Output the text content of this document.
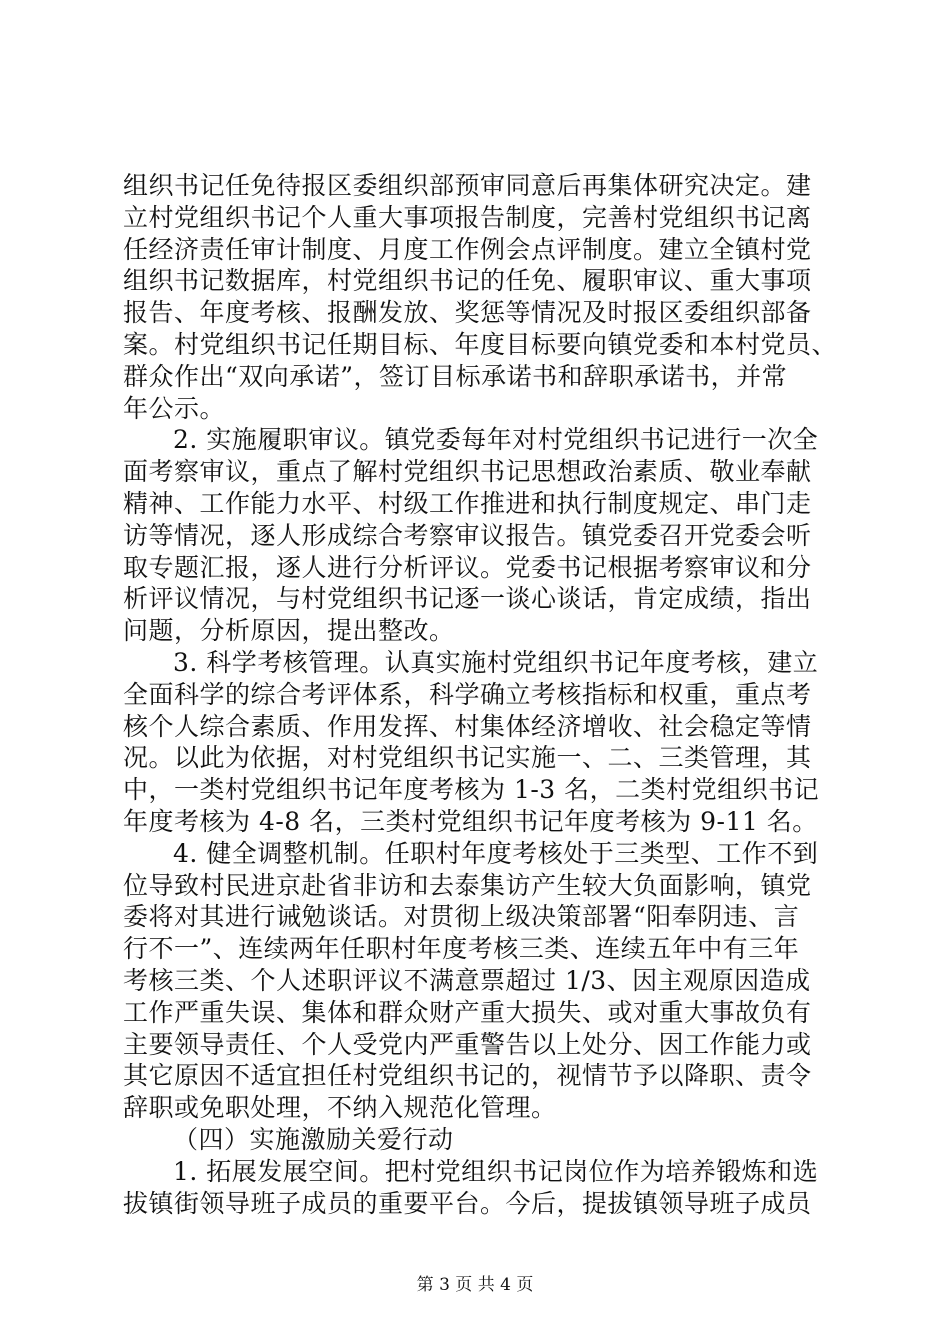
组织书记任免待报区委组织部预审同意后再集体研究决定。建
立村党组织书记个人重大事项报告制度，完善村党组织书记离
任经济责任审计制度、月度工作例会点评制度。建立全镇村党
组织书记数据库，村党组织书记的任免、履职审议、重大事项
报告、年度考核、报酬发放、奖惩等情况及时报区委组织部备
案。村党组织书记任期目标、年度目标要向镇党委和本村党员、
群众作出“双向承诺”，签订目标承诺书和辞职承诺书，并常
年公示。
2. 实施履职审议。镇党委每年对村党组织书记进行一次全
面考察审议，重点了解村党组织书记思想政治素质、敬业奉献
精神、工作能力水平、村级工作推进和执行制度规定、串门走
访等情况，逐人形成综合考察审议报告。镇党委召开党委会听
取专题汇报，逐人进行分析评议。党委书记根据考察审议和分
析评议情况，与村党组织书记逐一谈心谈话，肯定成绩，指出
问题，分析原因，提出整改。
3. 科学考核管理。认真实施村党组织书记年度考核，建立
全面科学的综合考评体系，科学确立考核指标和权重，重点考
核个人综合素质、作用发挥、村集体经济增收、社会稳定等情
况。以此为依据，对村党组织书记实施一、二、三类管理，其
中，一类村党组织书记年度考核为 1-3 名，二类村党组织书记
年度考核为 4-8 名，三类村党组织书记年度考核为 9-11 名。
4. 健全调整机制。任职村年度考核处于三类型、工作不到
位导致村民进京赴省非访和去泰集访产生较大负面影响，镇党
委将对其进行诫勉谈话。对贯彻上级决策部署“阳奉阴违、言
行不一”、连续两年任职村年度考核三类、连续五年中有三年
考核三类、个人述职评议不满意票超过 1/3、因主观原因造成
工作严重失误、集体和群众财产重大损失、或对重大事故负有
主要领导责任、个人受党内严重警告以上处分、因工作能力或
其它原因不适宜担任村党组织书记的，视情节予以降职、责令
辞职或免职处理，不纳入规范化管理。
（四）实施激励关爱行动
1. 拓展发展空间。把村党组织书记岗位作为培养锻炼和选
拔镇街领导班子成员的重要平台。今后，提拔镇领导班子成员
第 3 页 共 4 页
